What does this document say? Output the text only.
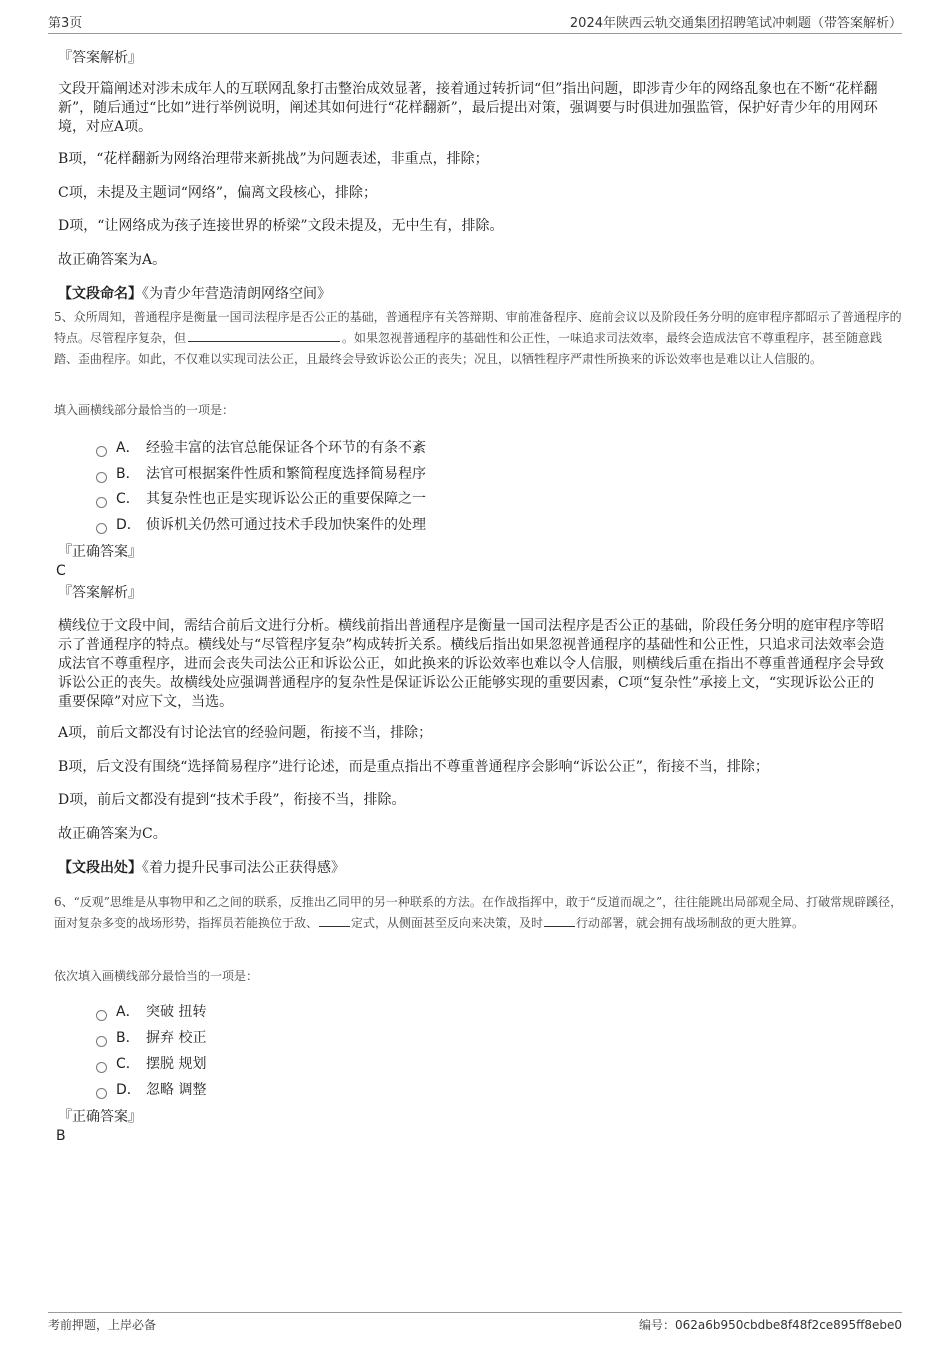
第3页	2024年陕西云轨交通集团招聘笔试冲刺题（带答案解析）
『答案解析』
文段开篇阐述对涉未成年人的互联网乱象打击整治成效显著，接着通过转折词“但”指出问题，即涉青少年的网络乱象也在不断“花样翻新”，随后通过“比如”进行举例说明，阐述其如何进行“花样翻新”，最后提出对策，强调要与时俱进加强监管，保护好青少年的用网环境，对应A项。
B项，“花样翻新为网络治理带来新挑战”为问题表述，非重点，排除；
C项，未提及主题词“网络”，偏离文段核心，排除；
D项，“让网络成为孩子连接世界的桥梁”文段未提及，无中生有，排除。
故正确答案为A。
【文段命名】《为青少年营造清朗网络空间》
5、众所周知，普通程序是衡量一国司法程序是否公正的基础，普通程序有关答辩期、审前准备程序、庭前会议以及阶段任务分明的庭审程序都昭示了普通程序的特点。尽管程序复杂，但	。如果忽视普通程序的基础性和公正性，一味追求司法效率，最终会造成法官不尊重程序，甚至随意践踏、歪曲程序。如此，不仅难以实现司法公正，且最终会导致诉讼公正的丧失；况且，以牺牲程序严肃性所换来的诉讼效率也是难以让人信服的。
填入画横线部分最恰当的一项是：
A． 经验丰富的法官总能保证各个环节的有条不紊
B． 法官可根据案件性质和繁简程度选择简易程序
C． 其复杂性也正是实现诉讼公正的重要保障之一
D． 侦诉机关仍然可通过技术手段加快案件的处理
『正确答案』
C
『答案解析』
横线位于文段中间，需结合前后文进行分析。横线前指出普通程序是衡量一国司法程序是否公正的基础，阶段任务分明的庭审程序等昭示了普通程序的特点。横线处与“尽管程序复杂”构成转折关系。横线后指出如果忽视普通程序的基础性和公正性，只追求司法效率会造成法官不尊重程序，进而会丧失司法公正和诉讼公正，如此换来的诉讼效率也难以令人信服，则横线后重在指出不尊重普通程序会导致诉讼公正的丧失。故横线处应强调普通程序的复杂性是保证诉讼公正能够实现的重要因素，C项“复杂性”承接上文，“实现诉讼公正的重要保障”对应下文，当选。
A项，前后文都没有讨论法官的经验问题，衔接不当，排除；
B项，后文没有围绕“选择简易程序”进行论述，而是重点指出不尊重普通程序会影响“诉讼公正”，衔接不当，排除；
D项，前后文都没有提到“技术手段”，衔接不当，排除。
故正确答案为C。
【文段出处】《着力提升民事司法公正获得感》
6、“反观”思维是从事物甲和乙之间的联系，反推出乙同甲的另一种联系的方法。在作战指挥中，敢于“反道而觇之”，往往能跳出局部观全局、打破常规辟蹊径，面对复杂多变的战场形势，指挥员若能换位于敌、	定式，从侧面甚至反向来决策，及时	行动部署，就会拥有战场制敌的更大胜算。
依次填入画横线部分最恰当的一项是：
A． 突破 扭转
B． 摒弃 校正
C． 摆脱 规划
D． 忽略 调整
『正确答案』
B
考前押题，上岸必备	编号：062a6b950cbdbe8f48f2ce895ff8ebe0
